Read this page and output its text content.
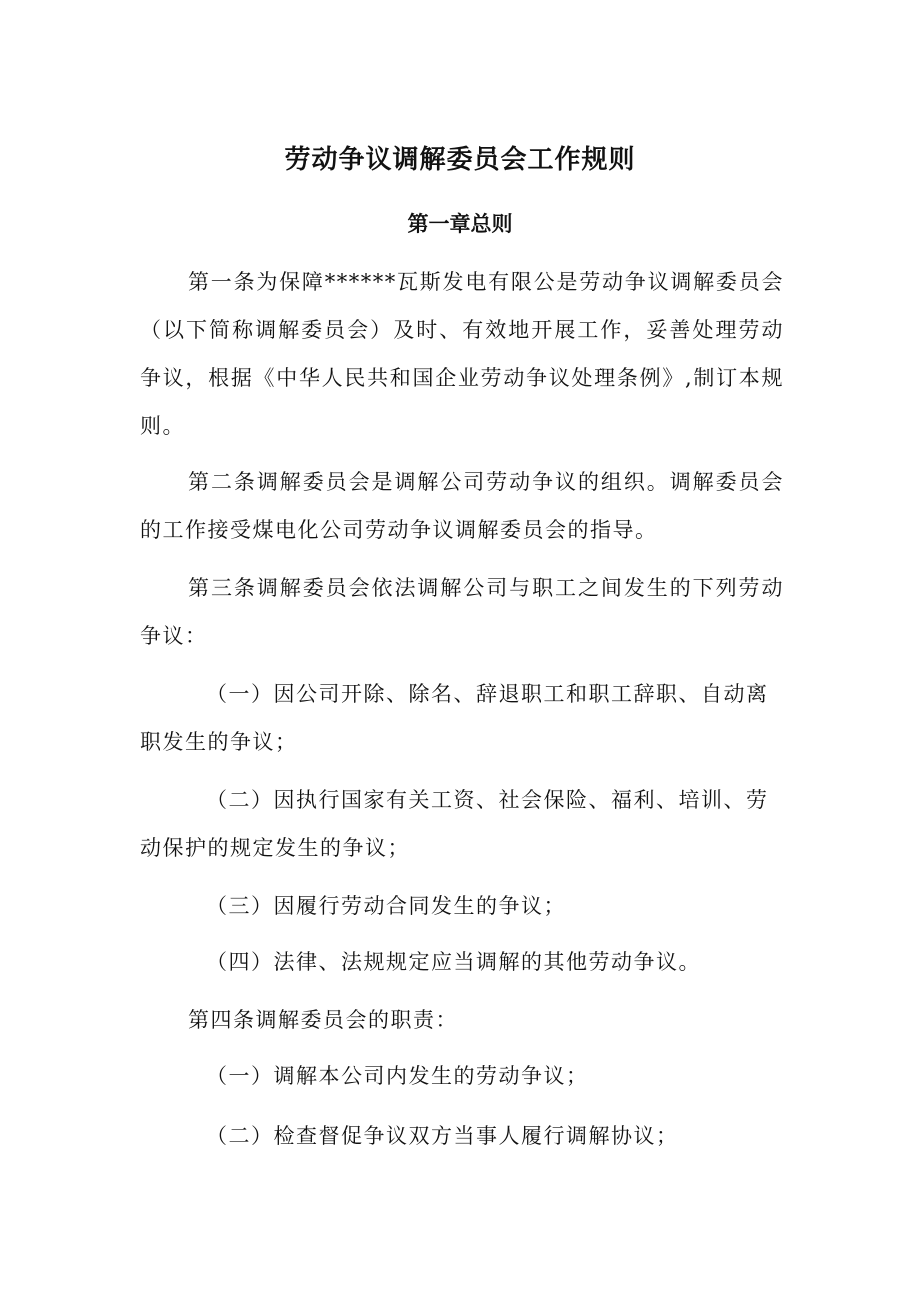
劳动争议调解委员会工作规则
第一章总则

第一条为保障******瓦斯发电有限公是劳动争议调解委员会（以下简称调解委员会）及时、有效地开展工作，妥善处理劳动争议，根据《中华人民共和国企业劳动争议处理条例》,制订本规则。

第二条调解委员会是调解公司劳动争议的组织。调解委员会的工作接受煤电化公司劳动争议调解委员会的指导。

第三条调解委员会依法调解公司与职工之间发生的下列劳动争议：

（一）因公司开除、除名、辞退职工和职工辞职、自动离职发生的争议；

（二）因执行国家有关工资、社会保险、福利、培训、劳动保护的规定发生的争议；

（三）因履行劳动合同发生的争议；

（四）法律、法规规定应当调解的其他劳动争议。

第四条调解委员会的职责：

（一）调解本公司内发生的劳动争议；

（二）检查督促争议双方当事人履行调解协议；
